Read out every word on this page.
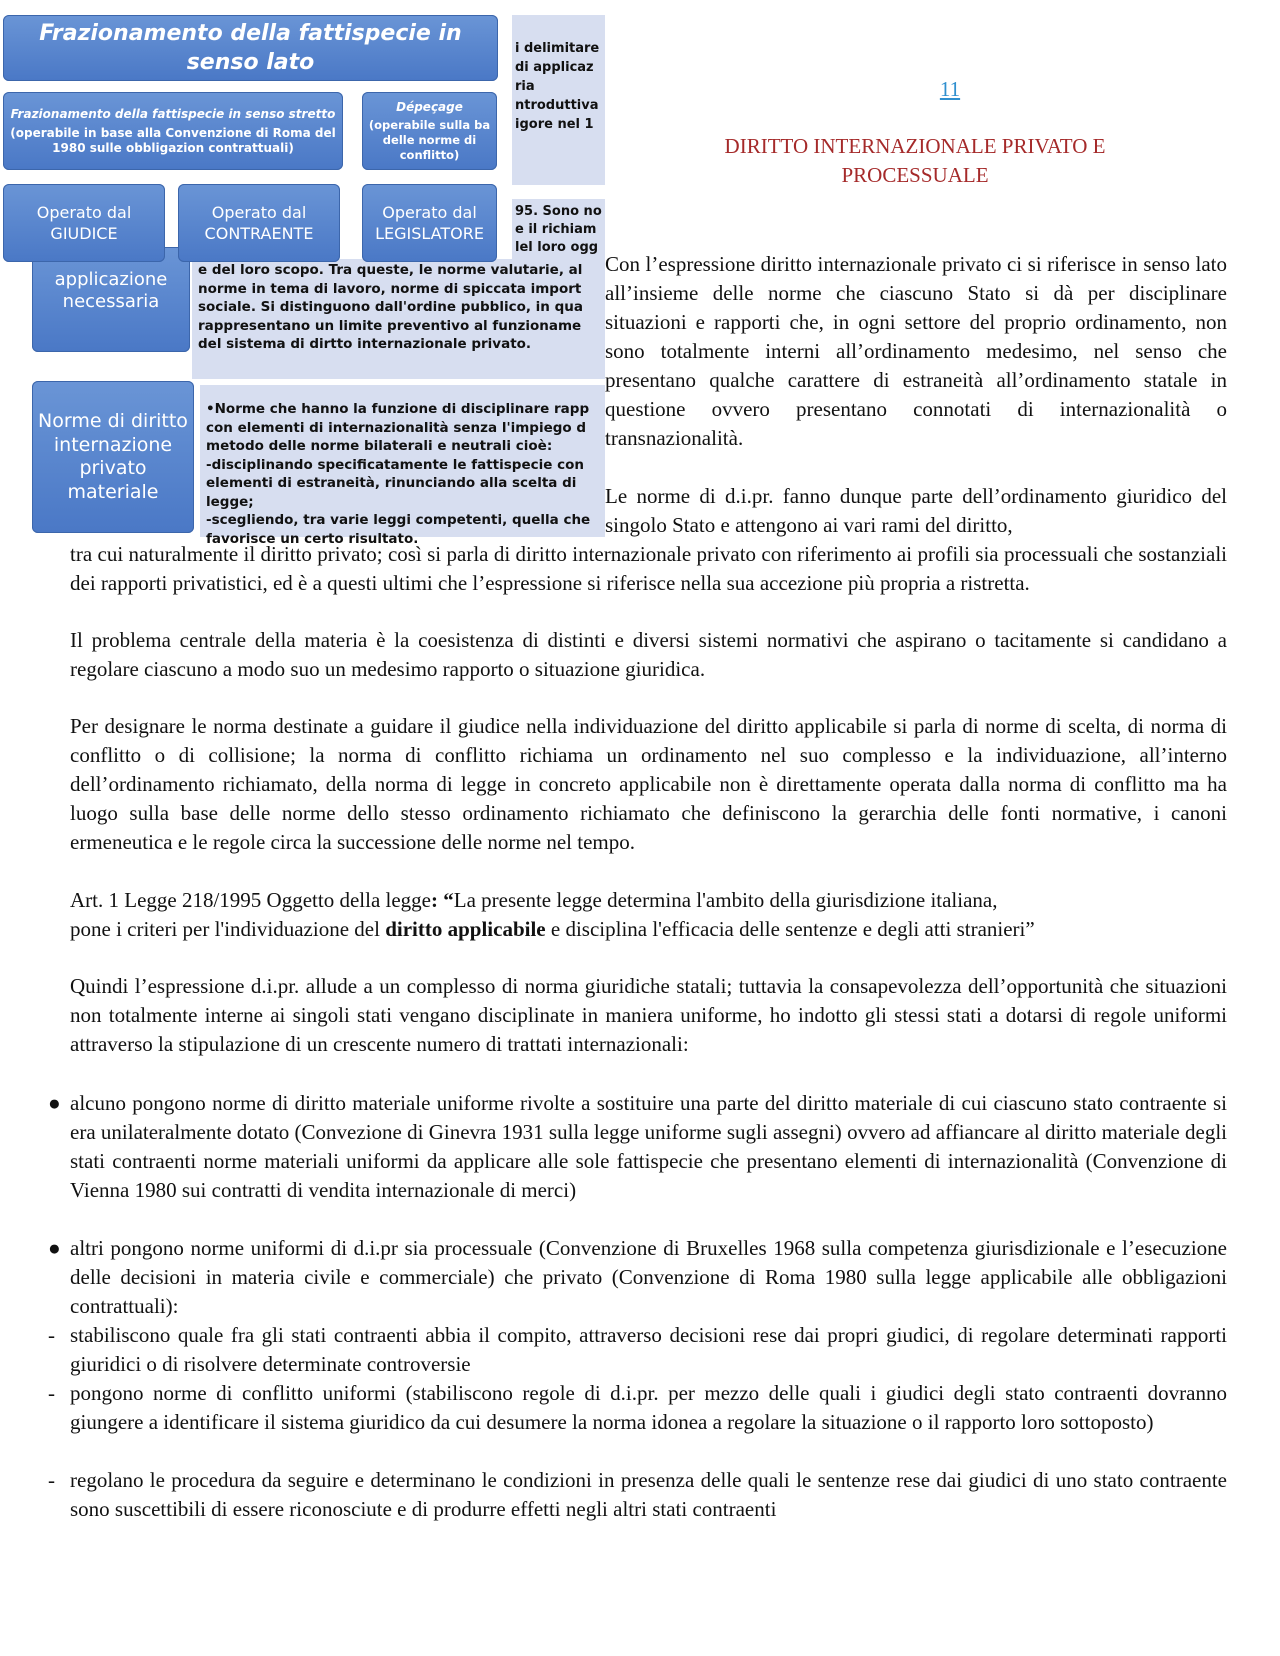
i delimitare
di applicaz
ria
ntroduttiva
igore nel 1
95. Sono no
e il richiam
lel loro ogg
e del loro scopo. Tra queste, le norme valutarie, al
norme in tema di lavoro, norme di spiccata import
sociale. Si distinguono dall'ordine pubblico, in qua
rappresentano un limite preventivo al funzioname
del sistema di dirtto internazionale privato.
•Norme che hanno la funzione di disciplinare rapp
con elementi di internazionalità senza l'impiego d
metodo delle norme bilaterali e neutrali cioè:
-disciplinando specificatamente le fattispecie con
elementi di estraneità, rinunciando alla scelta di
legge;
-scegliendo, tra varie leggi competenti, quella che
favorisce un certo risultato.
applicazione necessaria
Norme di diritto internazione privato materiale
Frazionamento della fattispecie in senso lato
Frazionamento della fattispecie in senso stretto
(operabile in base alla Convenzione di Roma del 1980 sulle obbligazion contrattuali)
Dépeçage
(operabile sulla ba delle norme di conflitto)
Operato dal GIUDICE
Operato dal CONTRAENTE
Operato dal LEGISLATORE
11
DIRITTO INTERNAZIONALE PRIVATO E PROCESSUALE

Con l’espressione diritto internazionale privato ci si riferisce in senso lato all’insieme delle norme che ciascuno Stato si dà per disciplinare situazioni e rapporti che, in ogni settore del proprio ordinamento, non sono totalmente interni all’ordinamento medesimo, nel senso che presentano qualche carattere di estraneità all’ordinamento statale in questione ovvero presentano connotati di internazionalità o transnazionalità.

Le norme di d.i.pr. fanno dunque parte dell’ordinamento giuridico del singolo Stato e attengono ai vari rami del diritto,

tra cui naturalmente il diritto privato; così si parla di diritto internazionale privato con riferimento ai profili sia processuali che sostanziali dei rapporti privatistici, ed è a questi ultimi che l’espressione si riferisce nella sua accezione più propria a ristretta.

Il problema centrale della materia è la coesistenza di distinti e diversi sistemi normativi che aspirano o tacitamente si candidano a regolare ciascuno a modo suo un medesimo rapporto o situazione giuridica.

Per designare le norma destinate a guidare il giudice nella individuazione del diritto applicabile si parla di norme di scelta, di norma di conflitto o di collisione; la norma di conflitto richiama un ordinamento nel suo complesso e la individuazione, all’interno dell’ordinamento richiamato, della norma di legge in concreto applicabile non è direttamente operata dalla norma di conflitto ma ha luogo sulla base delle norme dello stesso ordinamento richiamato che definiscono la gerarchia delle fonti normative, i canoni ermeneutica e le regole circa la successione delle norme nel tempo.

Art. 1 Legge 218/1995 Oggetto della legge: “La presente legge determina l'ambito della giurisdizione italiana,
pone i criteri per l'individuazione del diritto applicabile e disciplina l'efficacia delle sentenze e degli atti stranieri”

Quindi l’espressione d.i.pr. allude a un complesso di norma giuridiche statali; tuttavia la consapevolezza dell’opportunità che situazioni non totalmente interne ai singoli stati vengano disciplinate in maniera uniforme, ho indotto gli stessi stati a dotarsi di regole uniformi attraverso la stipulazione di un crescente numero di trattati internazionali:

● alcuno pongono norme di diritto materiale uniforme rivolte a sostituire una parte del diritto materiale di cui ciascuno stato contraente si era unilateralmente dotato (Convezione di Ginevra 1931 sulla legge uniforme sugli assegni) ovvero ad affiancare al diritto materiale degli stati contraenti norme materiali uniformi da applicare alle sole fattispecie che presentano elementi di internazionalità (Convenzione di Vienna 1980 sui contratti di vendita internazionale di merci)
● altri pongono norme uniformi di d.i.pr sia processuale (Convenzione di Bruxelles 1968 sulla competenza giurisdizionale e l’esecuzione delle decisioni in materia civile e commerciale) che privato (Convenzione di Roma 1980 sulla legge applicabile alle obbligazioni contrattuali):
- stabiliscono quale fra gli stati contraenti abbia il compito, attraverso decisioni rese dai propri giudici, di regolare determinati rapporti giuridici o di risolvere determinate controversie
- pongono norme di conflitto uniformi (stabiliscono regole di d.i.pr. per mezzo delle quali i giudici degli stato contraenti dovranno giungere a identificare il sistema giuridico da cui desumere la norma idonea a regolare la situazione o il rapporto loro sottoposto)
- regolano le procedura da seguire e determinano le condizioni in presenza delle quali le sentenze rese dai giudici di uno stato contraente sono suscettibili di essere riconosciute e di produrre effetti negli altri stati contraenti
